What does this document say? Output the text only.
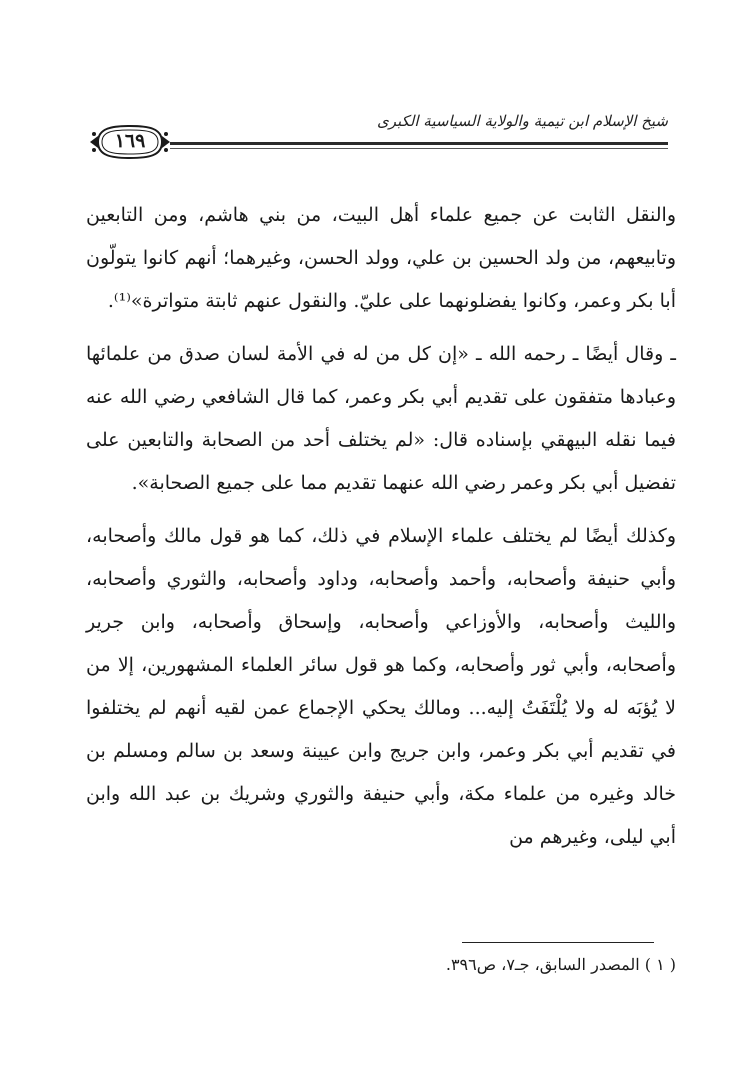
شيخ الإسلام ابن تيمية والولاية السياسية الكبرى
١٦٩

والنقل الثابت عن جميع علماء أهل البيت، من بني هاشم، ومن التابعين وتابيعهم، من ولد الحسين بن علي، وولد الحسن، وغيرهما؛ أنهم كانوا يتولّون أبا بكر وعمر، وكانوا يفضلونهما على عليّ. والنقول عنهم ثابتة متواترة»⁽¹⁾.

ـ وقال أيضًا ـ رحمه الله ـ «إن كل من له في الأمة لسان صدق من علمائها وعبادها متفقون على تقديم أبي بكر وعمر، كما قال الشافعي رضي الله عنه فيما نقله البيهقي بإسناده قال: «لم يختلف أحد من الصحابة والتابعين على تفضيل أبي بكر وعمر رضي الله عنهما تقديم مما على جميع الصحابة».

وكذلك أيضًا لم يختلف علماء الإسلام في ذلك، كما هو قول مالك وأصحابه، وأبي حنيفة وأصحابه، وأحمد وأصحابه، وداود وأصحابه، والثوري وأصحابه، والليث وأصحابه، والأوزاعي وأصحابه، وإسحاق وأصحابه، وابن جرير وأصحابه، وأبي ثور وأصحابه، وكما هو قول سائر العلماء المشهورين، إلا من لا يُؤبَه له ولا يُلْتَفَتُ إليه... ومالك يحكي الإجماع عمن لقيه أنهم لم يختلفوا في تقديم أبي بكر وعمر، وابن جريج وابن عيينة وسعد بن سالم ومسلم بن خالد وغيره من علماء مكة، وأبي حنيفة والثوري وشريك بن عبد الله وابن أبي ليلى، وغيرهم من

( ١ ) المصدر السابق، جـ٧، ص٣٩٦.
